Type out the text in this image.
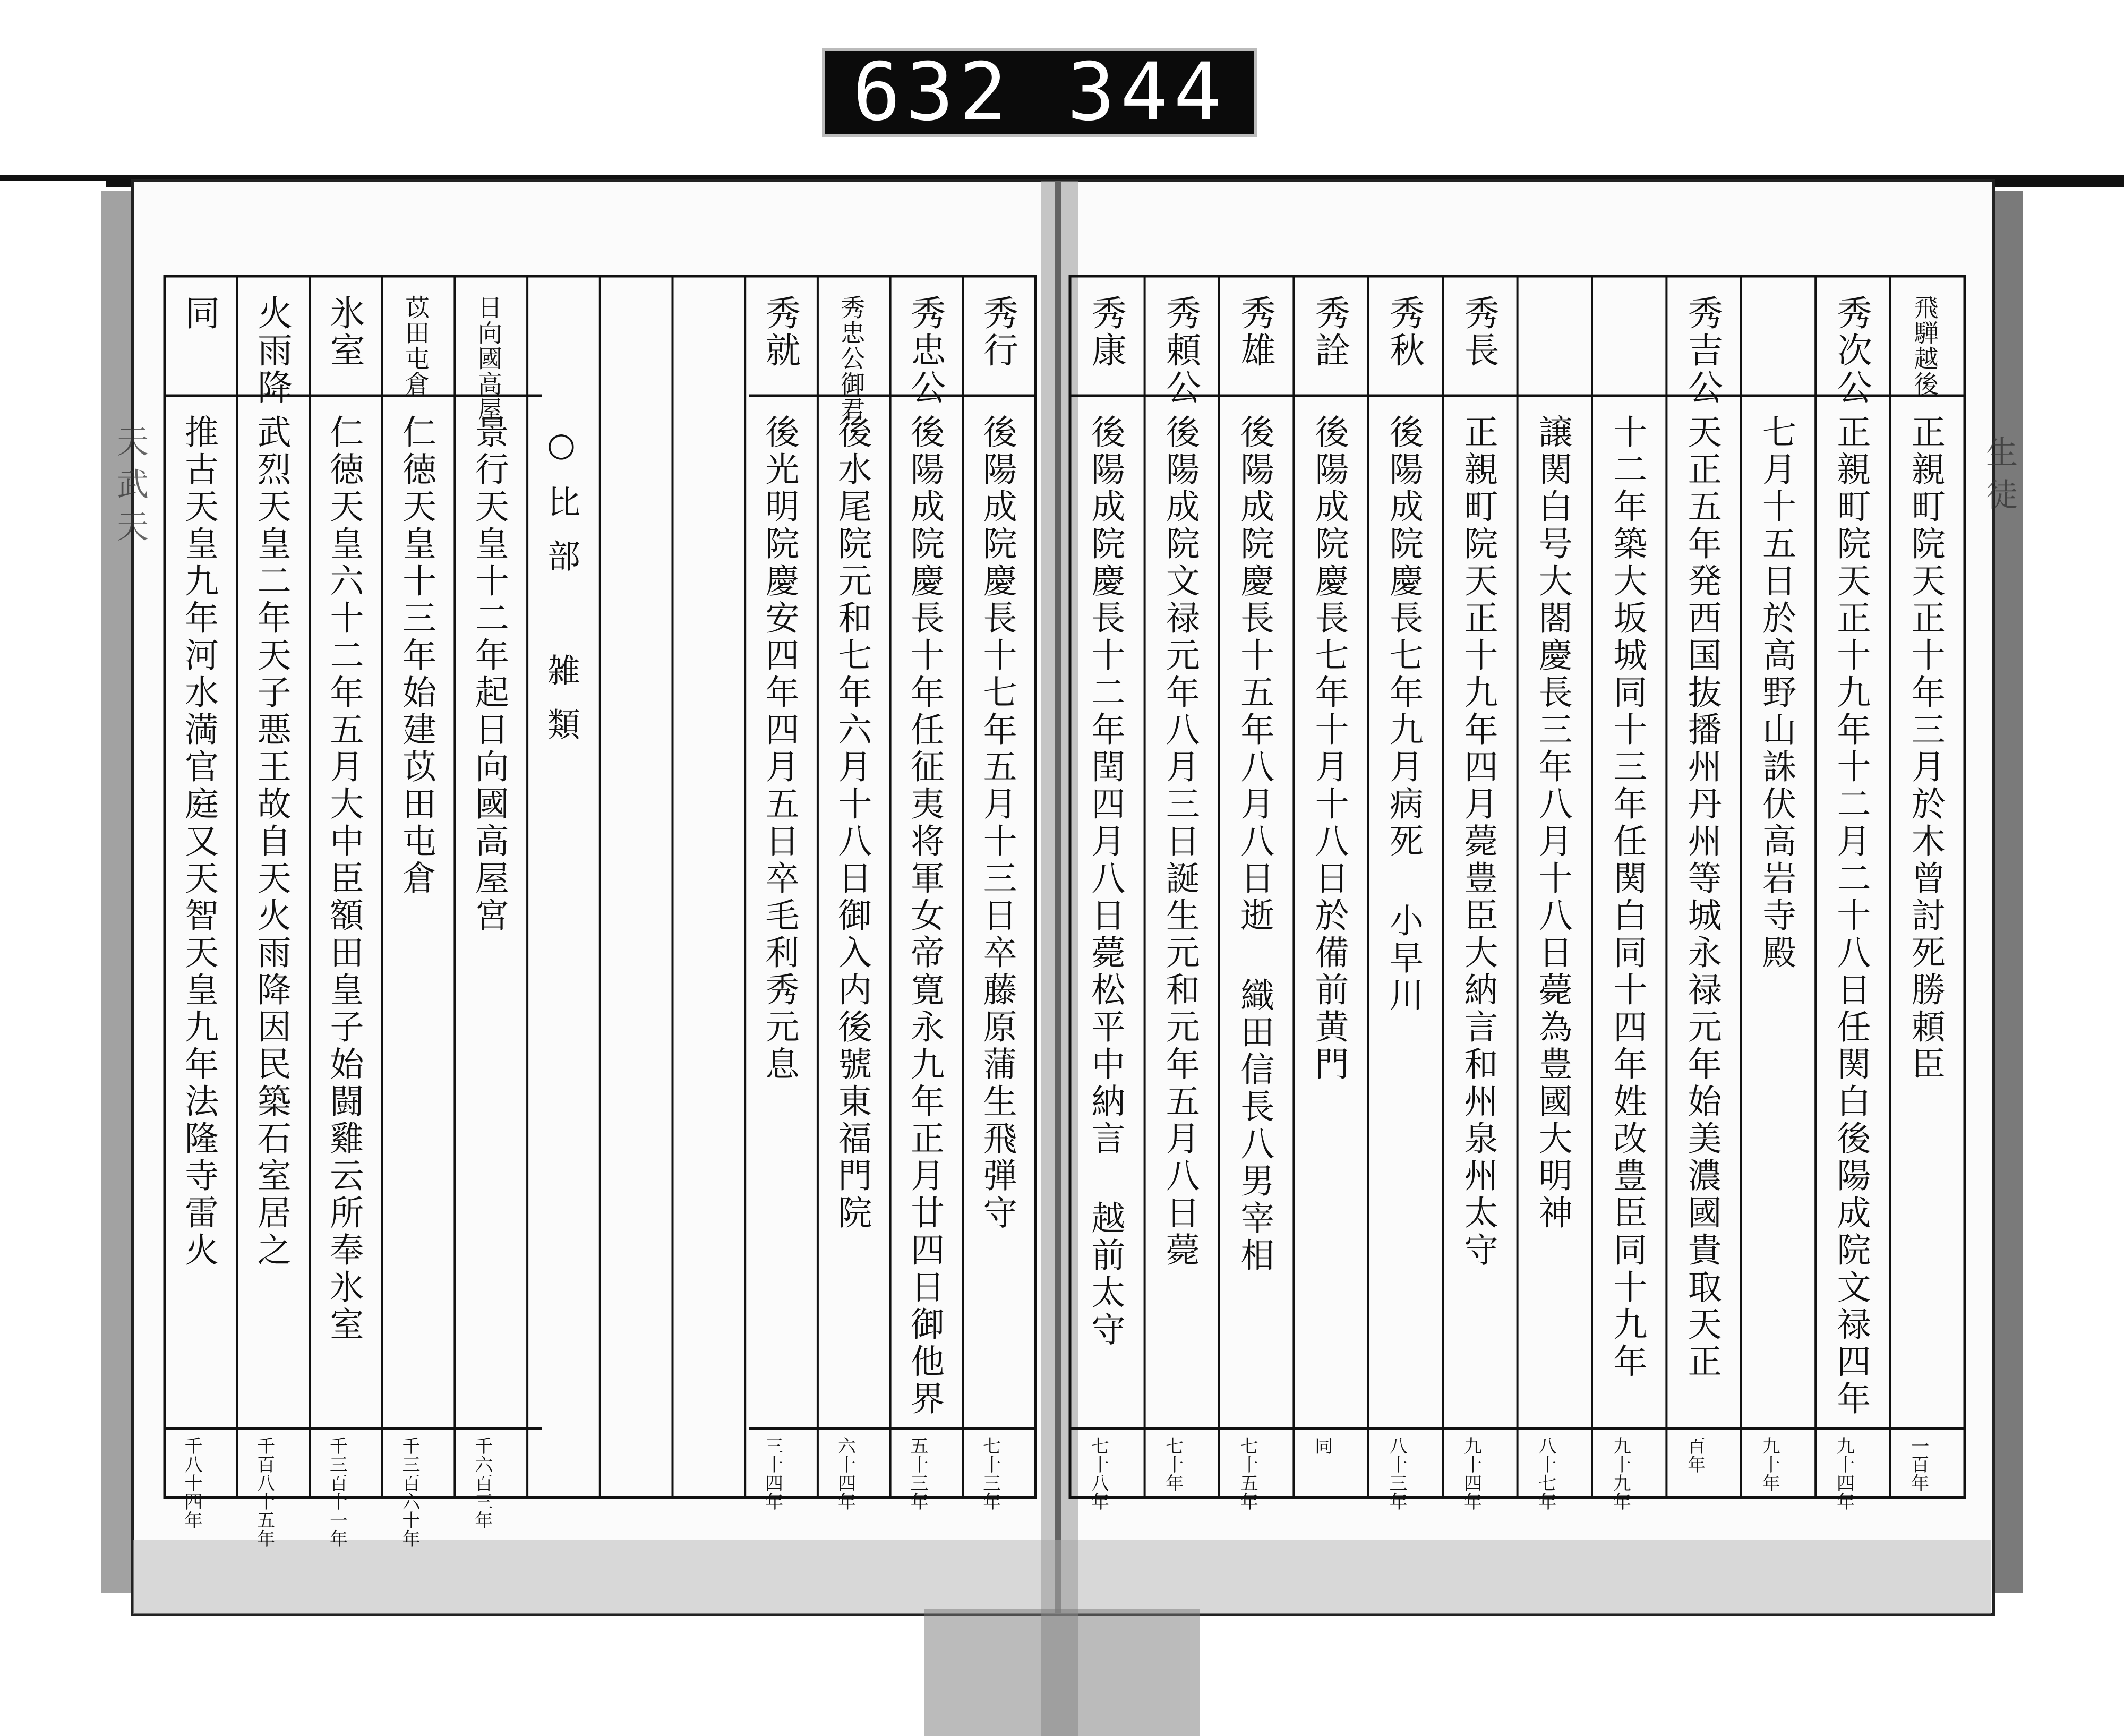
632 344
天武天	生徒
飛騨越後
正親町院天正十年三月於木曾討死勝頼臣
一百年
秀次公
正親町院天正十九年十二月二十八日任関白後陽成院文禄四年
九十四年
七月十五日於高野山誅伏高岩寺殿
九十年
秀吉公
天正五年発西国抜播州丹州等城永禄元年始美濃國貴取天正
百年
十二年築大坂城同十三年任関白同十四年姓改豊臣同十九年
九十九年
譲関白号大閤慶長三年八月十八日薨為豊國大明神
八十七年
秀長
正親町院天正十九年四月薨豊臣大納言和州泉州太守
九十四年
秀秋
後陽成院慶長七年九月病死 小早川
八十三年
秀詮
後陽成院慶長七年十月十八日於備前黄門
同
秀雄
後陽成院慶長十五年八月八日逝 織田信長八男宰相
七十五年
秀頼公
後陽成院文禄元年八月三日誕生元和元年五月八日薨
七十年
秀康
後陽成院慶長十二年閏四月八日薨松平中納言 越前太守
七十八年
秀行
後陽成院慶長十七年五月十三日卒藤原蒲生飛弾守
七十三年
秀忠公
後陽成院慶長十年任征夷将軍女帝寛永九年正月廿四日御他界
五十三年
秀忠公御君
後水尾院元和七年六月十八日御入内後號東福門院
六十四年
秀就
後光明院慶安四年四月五日卒毛利秀元息
三十四年
○比部 雑類
日向國高屋
景行天皇十二年起日向國高屋宮
千六百三年
苡田屯倉
仁徳天皇十三年始建苡田屯倉
千三百六十年
氷室
仁徳天皇六十二年五月大中臣額田皇子始闘雞云所奉氷室
千三百十一年
火雨降
武烈天皇二年天子悪王故自天火雨降因民築石室居之
千百八十五年
同
推古天皇九年河水満官庭又天智天皇九年法隆寺雷火
千八十四年
